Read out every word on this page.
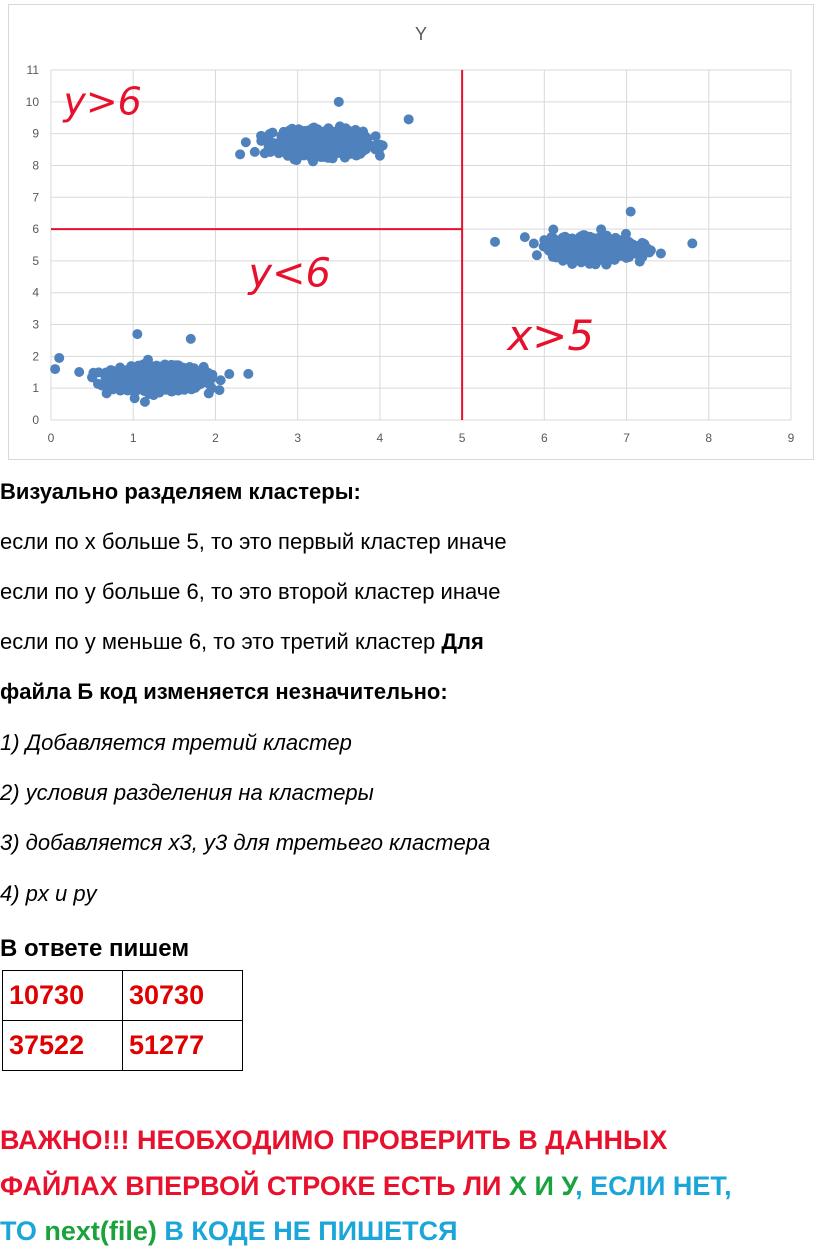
Y
0
1
2
3
4
5
6
7
8
9
10
11
0	1	2	3	4	5	6	7	8	9
y>6
y<6
x>5
Визуально разделяем кластеры:
если по x больше 5, то это первый кластер иначе
если по y больше 6, то это второй кластер иначе
если по y меньше 6, то это третий кластер Для
файла Б код изменяется незначительно:
1) Добавляется третий кластер
2) условия разделения на кластеры
3) добавляется x3, y3 для третьего кластера
4) px и py
В ответе пишем
10730	30730
37522	51277
ВАЖНО!!! НЕОБХОДИМО ПРОВЕРИТЬ В ДАННЫХ
ФАЙЛАХ ВПЕРВОЙ СТРОКЕ ЕСТЬ ЛИ X И У, ЕСЛИ НЕТ,
ТО next(file) В КОДЕ НЕ ПИШЕТСЯ
